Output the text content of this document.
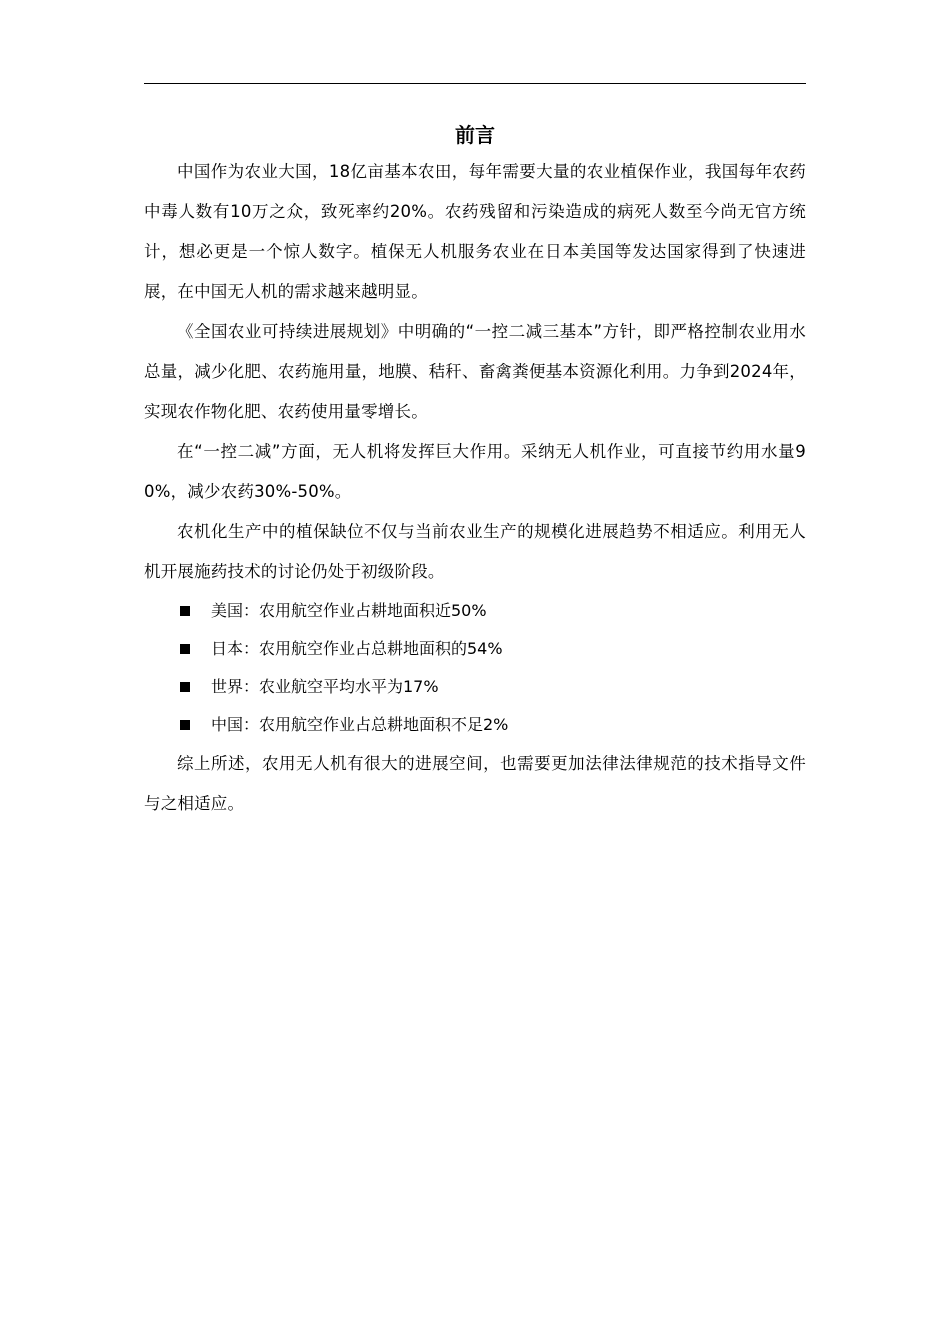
前言

中国作为农业大国，18亿亩基本农田，每年需要大量的农业植保作业，我国每年农药中毒人数有10万之众，致死率约20%。农药残留和污染造成的病死人数至今尚无官方统计，想必更是一个惊人数字。植保无人机服务农业在日本美国等发达国家得到了快速进展，在中国无人机的需求越来越明显。

《全国农业可持续进展规划》中明确的“一控二减三基本”方针，即严格控制农业用水总量，减少化肥、农药施用量，地膜、秸秆、畜禽粪便基本资源化利用。力争到2024年，实现农作物化肥、农药使用量零增长。

在“一控二减”方面，无人机将发挥巨大作用。采纳无人机作业，可直接节约用水量90%，减少农药30%-50%。

农机化生产中的植保缺位不仅与当前农业生产的规模化进展趋势不相适应。利用无人机开展施药技术的讨论仍处于初级阶段。

美国：农用航空作业占耕地面积近50%
日本：农用航空作业占总耕地面积的54%
世界：农业航空平均水平为17%
中国：农用航空作业占总耕地面积不足2%

综上所述，农用无人机有很大的进展空间，也需要更加法律法律规范的技术指导文件与之相适应。
